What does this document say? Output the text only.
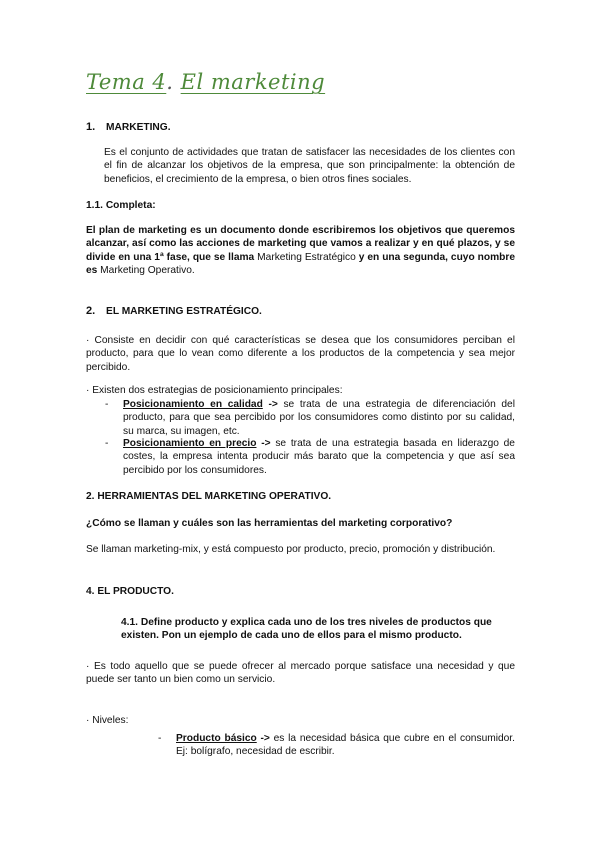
Tema 4. El marketing
1. MARKETING.
Es el conjunto de actividades que tratan de satisfacer las necesidades de los clientes con el fin de alcanzar los objetivos de la empresa, que son principalmente: la obtención de beneficios, el crecimiento de la empresa, o bien otros fines sociales.
1.1. Completa:
El plan de marketing es un documento donde escribiremos los objetivos que queremos alcanzar, así como las acciones de marketing que vamos a realizar y en qué plazos, y se divide en una 1ª fase, que se llama Marketing Estratégico y en una segunda, cuyo nombre es Marketing Operativo.
2. EL MARKETING ESTRATÉGICO.
· Consiste en decidir con qué características se desea que los consumidores perciban el producto, para que lo vean como diferente a los productos de la competencia y sea mejor percibido.
· Existen dos estrategias de posicionamiento principales:
- Posicionamiento en calidad -> se trata de una estrategia de diferenciación del producto, para que sea percibido por los consumidores como distinto por su calidad, su marca, su imagen, etc.
- Posicionamiento en precio -> se trata de una estrategia basada en liderazgo de costes, la empresa intenta producir más barato que la competencia y que así sea percibido por los consumidores.
2. HERRAMIENTAS DEL MARKETING OPERATIVO.
¿Cómo se llaman y cuáles son las herramientas del marketing corporativo?
Se llaman marketing-mix, y está compuesto por producto, precio, promoción y distribución.
4. EL PRODUCTO.
4.1. Define producto y explica cada uno de los tres niveles de productos que existen. Pon un ejemplo de cada uno de ellos para el mismo producto.
· Es todo aquello que se puede ofrecer al mercado porque satisface una necesidad y que puede ser tanto un bien como un servicio.
· Niveles:
- Producto básico -> es la necesidad básica que cubre en el consumidor. Ej: bolígrafo, necesidad de escribir.
